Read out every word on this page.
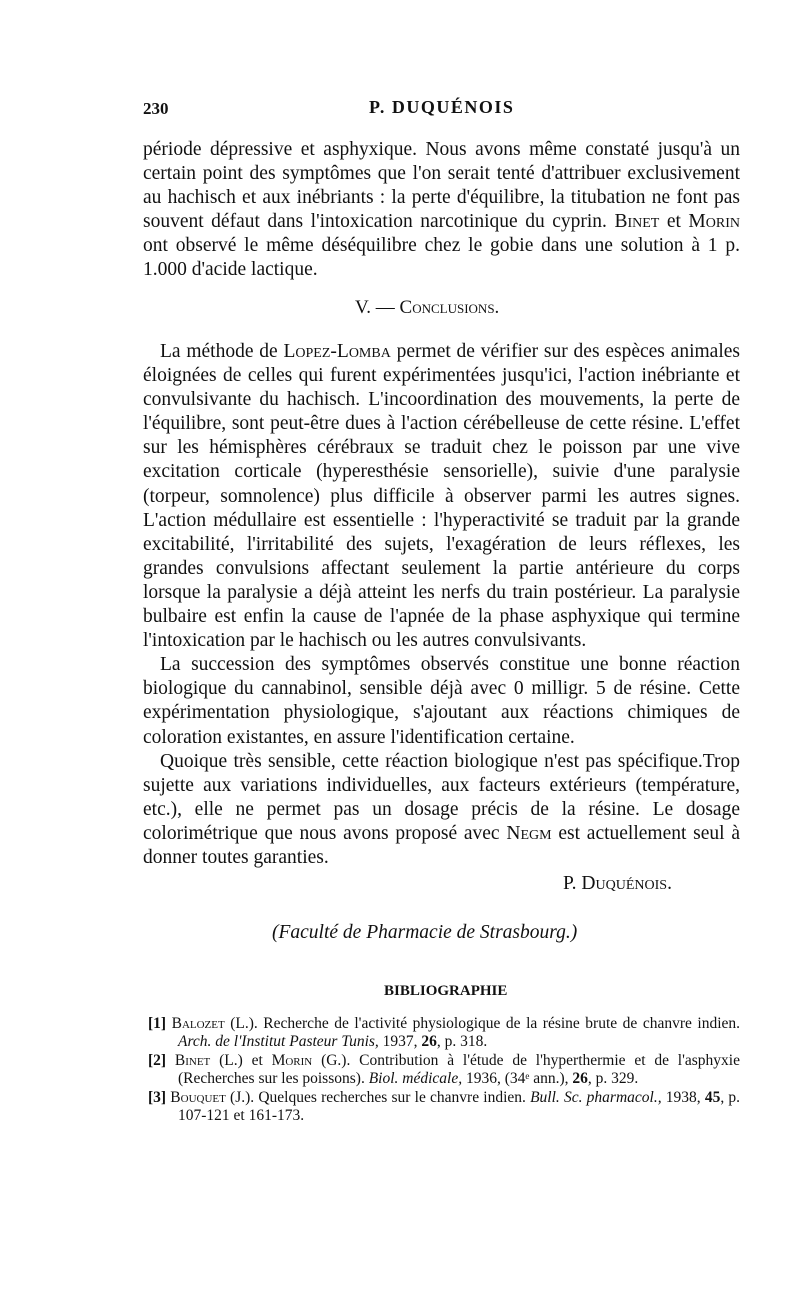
230	P. DUQUÉNOIS

période dépressive et asphyxique. Nous avons même constaté jusqu'à un certain point des symptômes que l'on serait tenté d'attribuer exclusivement au hachisch et aux inébriants : la perte d'équilibre, la titubation ne font pas souvent défaut dans l'intoxication narcotinique du cyprin. Binet et Morin ont observé le même déséquilibre chez le gobie dans une solution à 1 p. 1.000 d'acide lactique.

V. — Conclusions.

La méthode de Lopez-Lomba permet de vérifier sur des espèces animales éloignées de celles qui furent expérimentées jusqu'ici, l'action inébriante et convulsivante du hachisch. L'incoordination des mouvements, la perte de l'équilibre, sont peut-être dues à l'action cérébelleuse de cette résine. L'effet sur les hémisphères cérébraux se traduit chez le poisson par une vive excitation corticale (hyperesthésie sensorielle), suivie d'une paralysie (torpeur, somnolence) plus difficile à observer parmi les autres signes. L'action médullaire est essentielle : l'hyperactivité se traduit par la grande excitabilité, l'irritabilité des sujets, l'exagération de leurs réflexes, les grandes convulsions affectant seulement la partie antérieure du corps lorsque la paralysie a déjà atteint les nerfs du train postérieur. La paralysie bulbaire est enfin la cause de l'apnée de la phase asphyxique qui termine l'intoxication par le hachisch ou les autres convulsivants.

La succession des symptômes observés constitue une bonne réaction biologique du cannabinol, sensible déjà avec 0 milligr. 5 de résine. Cette expérimentation physiologique, s'ajoutant aux réactions chimiques de coloration existantes, en assure l'identification certaine.

Quoique très sensible, cette réaction biologique n'est pas spécifique.Trop sujette aux variations individuelles, aux facteurs extérieurs (température, etc.), elle ne permet pas un dosage précis de la résine. Le dosage colorimétrique que nous avons proposé avec Negm est actuellement seul à donner toutes garanties.

P. Duquénois.
(Faculté de Pharmacie de Strasbourg.)
BIBLIOGRAPHIE

[1] Balozet (L.). Recherche de l'activité physiologique de la résine brute de chanvre indien. Arch. de l'Institut Pasteur Tunis, 1937, 26, p. 318.

[2] Binet (L.) et Morin (G.). Contribution à l'étude de l'hyperthermie et de l'asphyxie (Recherches sur les poissons). Biol. médicale, 1936, (34ᵉ ann.), 26, p. 329.

[3] Bouquet (J.). Quelques recherches sur le chanvre indien. Bull. Sc. pharmacol., 1938, 45, p. 107-121 et 161-173.
